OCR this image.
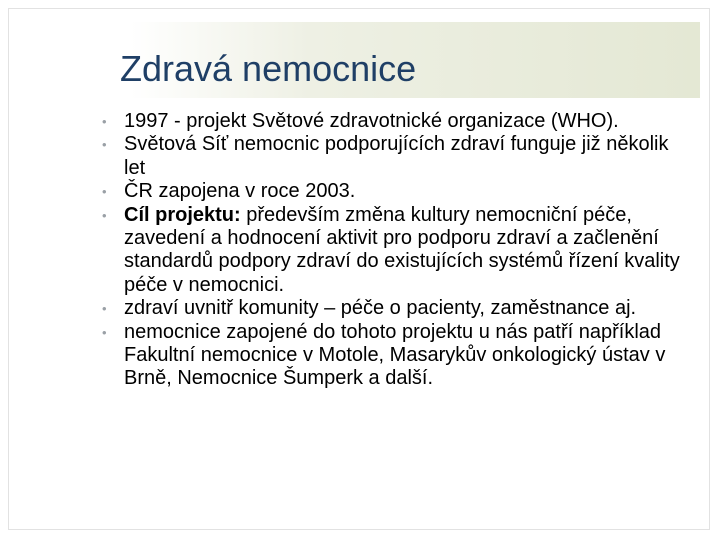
Zdravá nemocnice
• 1997 - projekt Světové zdravotnické organizace (WHO).
• Světová Síť nemocnic podporujících zdraví funguje již několik let
• ČR zapojena v roce 2003.
• Cíl projektu: především změna kultury nemocniční péče, zavedení a hodnocení aktivit pro podporu zdraví a začlenění standardů podpory zdraví do existujících systémů řízení kvality péče v nemocnici.
• zdraví uvnitř komunity – péče o pacienty, zaměstnance aj.
• nemocnice zapojené do tohoto projektu u nás patří například Fakultní nemocnice v Motole, Masarykův onkologický ústav v Brně, Nemocnice Šumperk a další.
